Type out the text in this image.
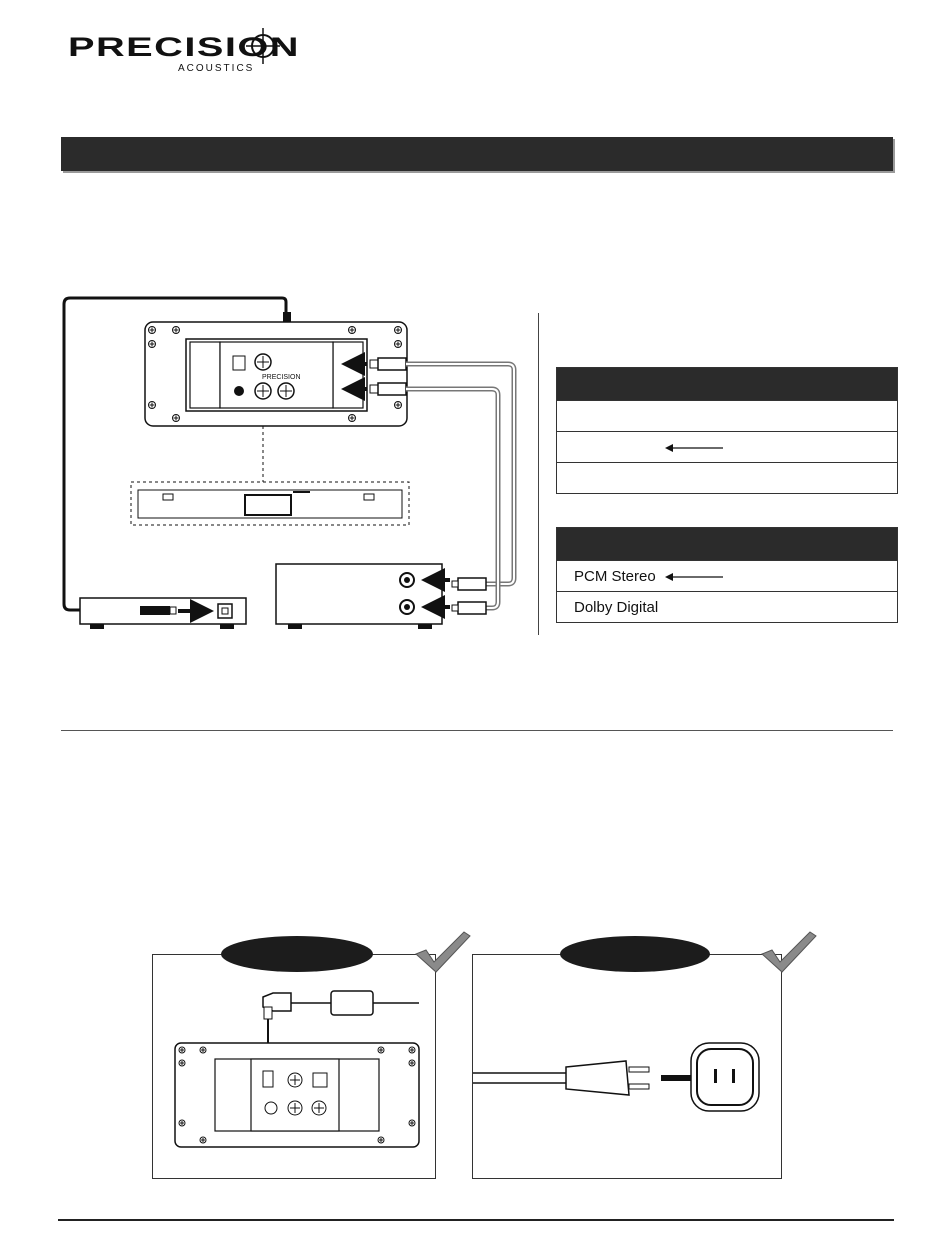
PRECISION
ACOUSTICS
PRECISION
PCM Stereo
Dolby Digital
